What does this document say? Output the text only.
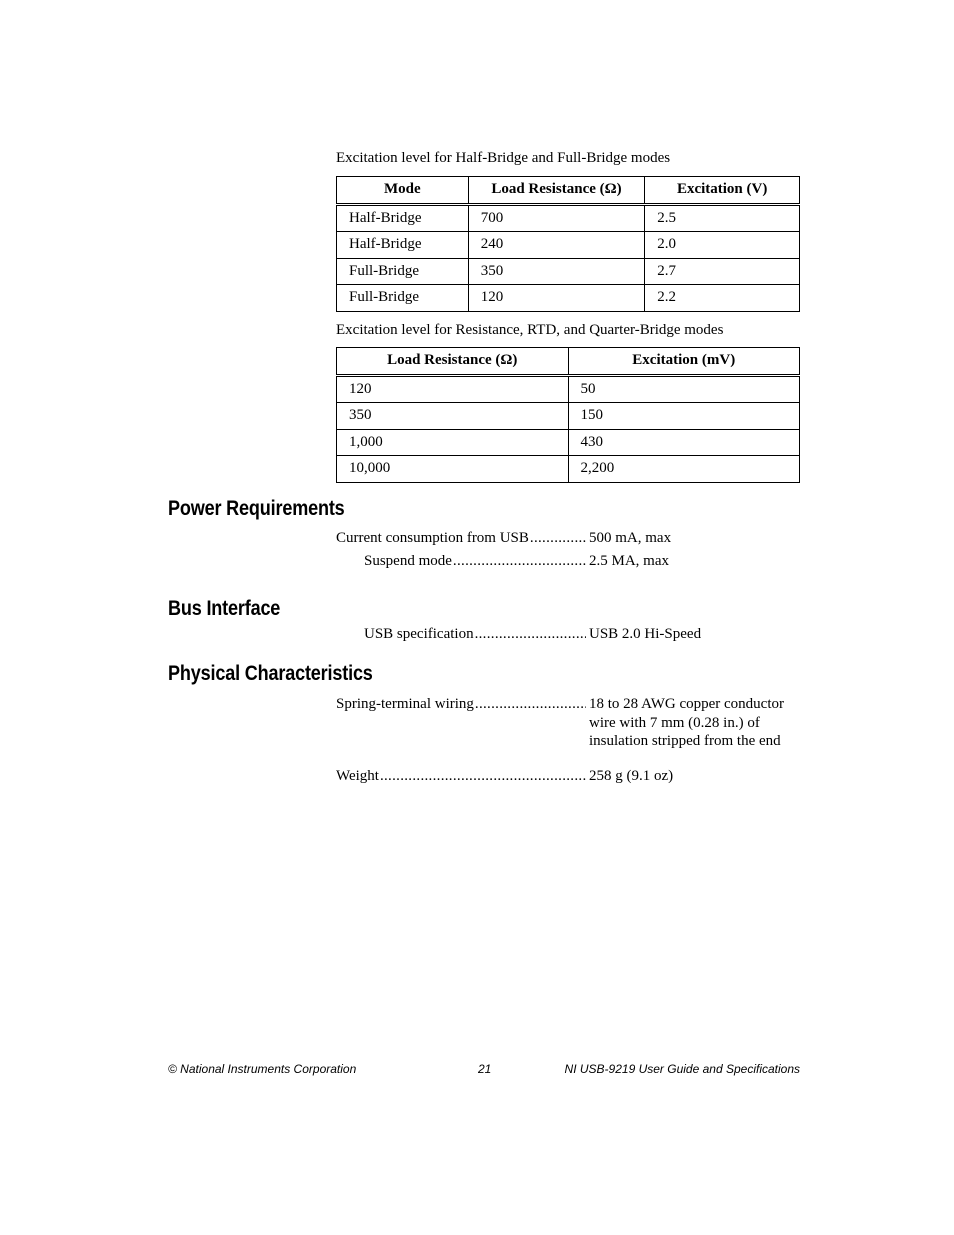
Excitation level for Half-Bridge and Full-Bridge modes
Mode	Load Resistance (Ω)	Excitation (V)
Half-Bridge	700	2.5
Half-Bridge	240	2.0
Full-Bridge	350	2.7
Full-Bridge	120	2.2
Excitation level for Resistance, RTD, and Quarter-Bridge modes
Load Resistance (Ω)	Excitation (mV)
120	50
350	150
1,000	430
10,000	2,200
Power Requirements
Current consumption from USB .....	500 mA, max
Suspend mode .....	2.5 MA, max
Bus Interface
USB specification .....	USB 2.0 Hi-Speed
Physical Characteristics
Spring-terminal wiring .....	18 to 28 AWG copper conductor wire with 7 mm (0.28 in.) of insulation stripped from the end
Weight .....	258 g (9.1 oz)
© National Instruments Corporation	21	NI USB-9219 User Guide and Specifications
